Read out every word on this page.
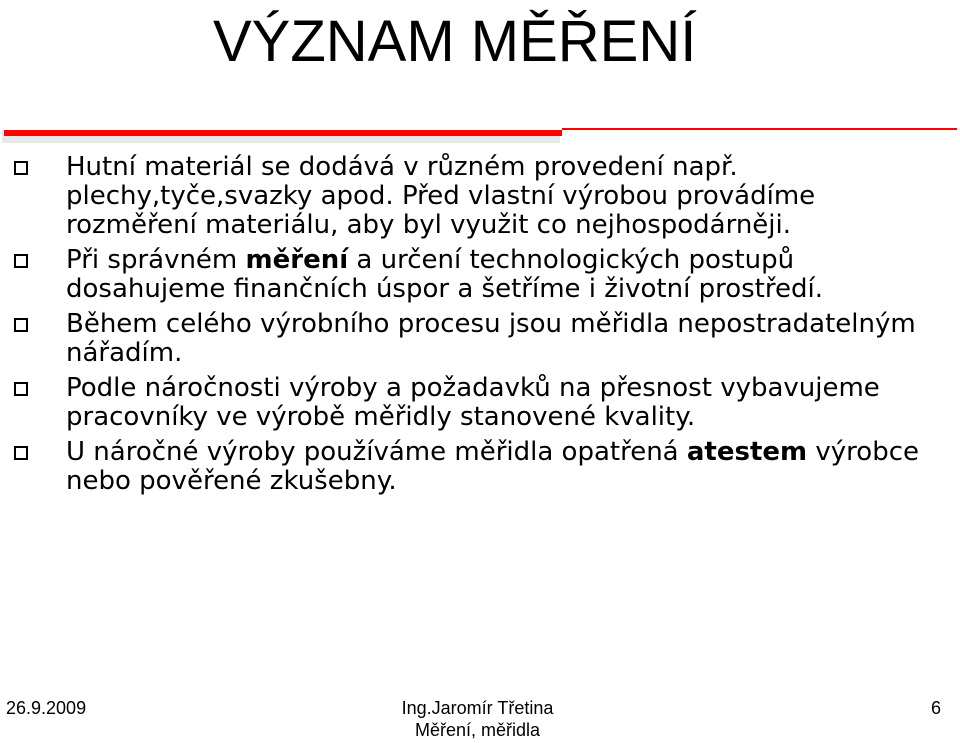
VÝZNAM MĚŘENÍ
Hutní materiál se dodává v různém provedení např. plechy,tyče,svazky apod. Před vlastní výrobou provádíme rozměření materiálu, aby byl využit co nejhospodárněji.
Při správném měření a určení technologických postupů dosahujeme finančních úspor a šetříme i životní prostředí.
Během celého výrobního procesu jsou měřidla nepostradatelným nářadím.
Podle náročnosti výroby a požadavků na přesnost vybavujeme pracovníky ve výrobě měřidly stanovené kvality.
U náročné výroby používáme měřidla opatřená atestem výrobce nebo pověřené zkušebny.
26.9.2009	Ing.Jaromír Třetina
Měření, měřidla
6
